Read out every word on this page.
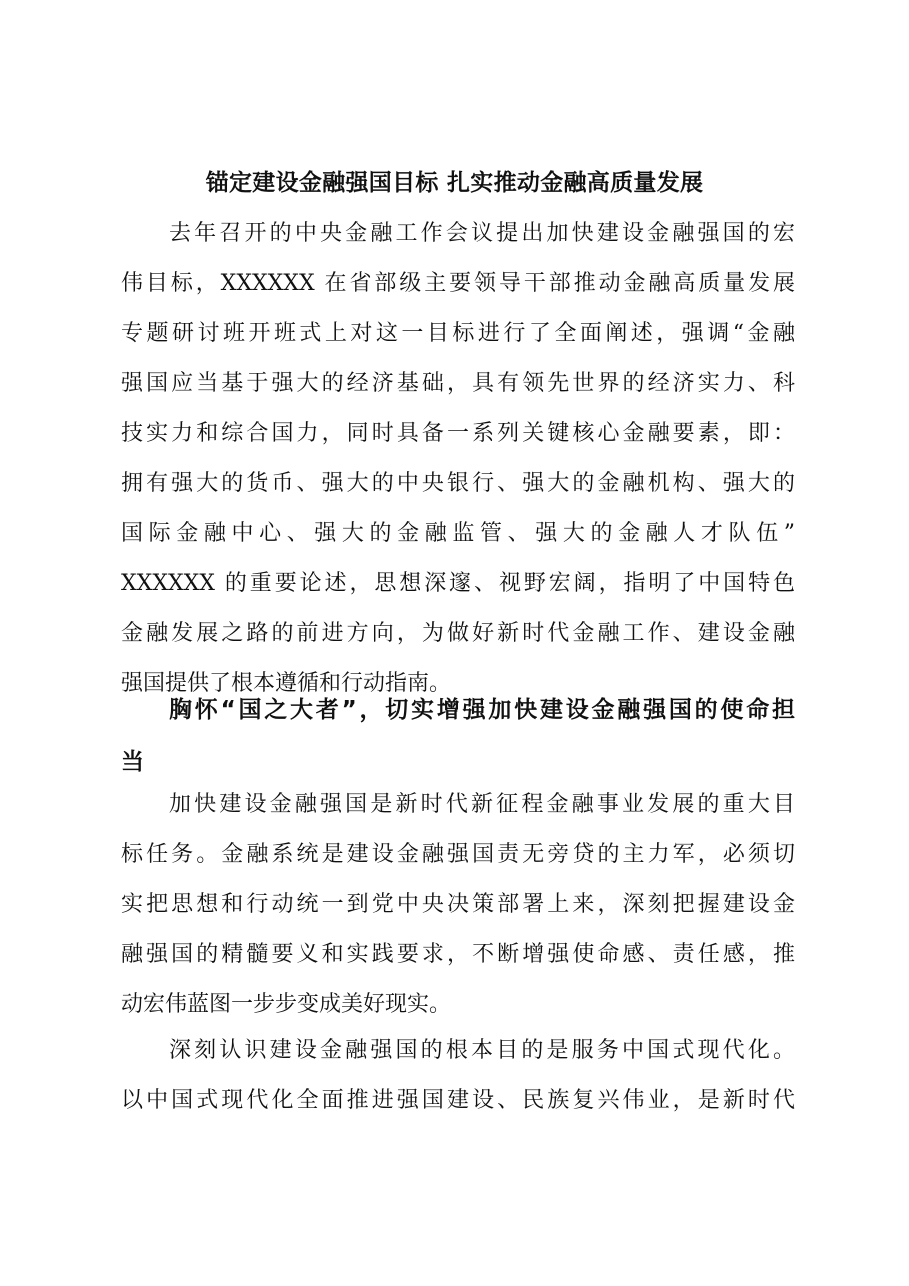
锚定建设金融强国目标 扎实推动金融高质量发展
去年召开的中央金融工作会议提出加快建设金融强国的宏
伟目标，XXXXXX 在省部级主要领导干部推动金融高质量发展
专题研讨班开班式上对这一目标进行了全面阐述，强调“金融
强国应当基于强大的经济基础，具有领先世界的经济实力、科
技实力和综合国力，同时具备一系列关键核心金融要素，即：
拥有强大的货币、强大的中央银行、强大的金融机构、强大的
国际金融中心、强大的金融监管、强大的金融人才队伍”
XXXXXX 的重要论述，思想深邃、视野宏阔，指明了中国特色
金融发展之路的前进方向，为做好新时代金融工作、建设金融
强国提供了根本遵循和行动指南。
胸怀“国之大者”，切实增强加快建设金融强国的使命担
当
加快建设金融强国是新时代新征程金融事业发展的重大目
标任务。金融系统是建设金融强国责无旁贷的主力军，必须切
实把思想和行动统一到党中央决策部署上来，深刻把握建设金
融强国的精髓要义和实践要求，不断增强使命感、责任感，推
动宏伟蓝图一步步变成美好现实。
深刻认识建设金融强国的根本目的是服务中国式现代化。
以中国式现代化全面推进强国建设、民族复兴伟业，是新时代
